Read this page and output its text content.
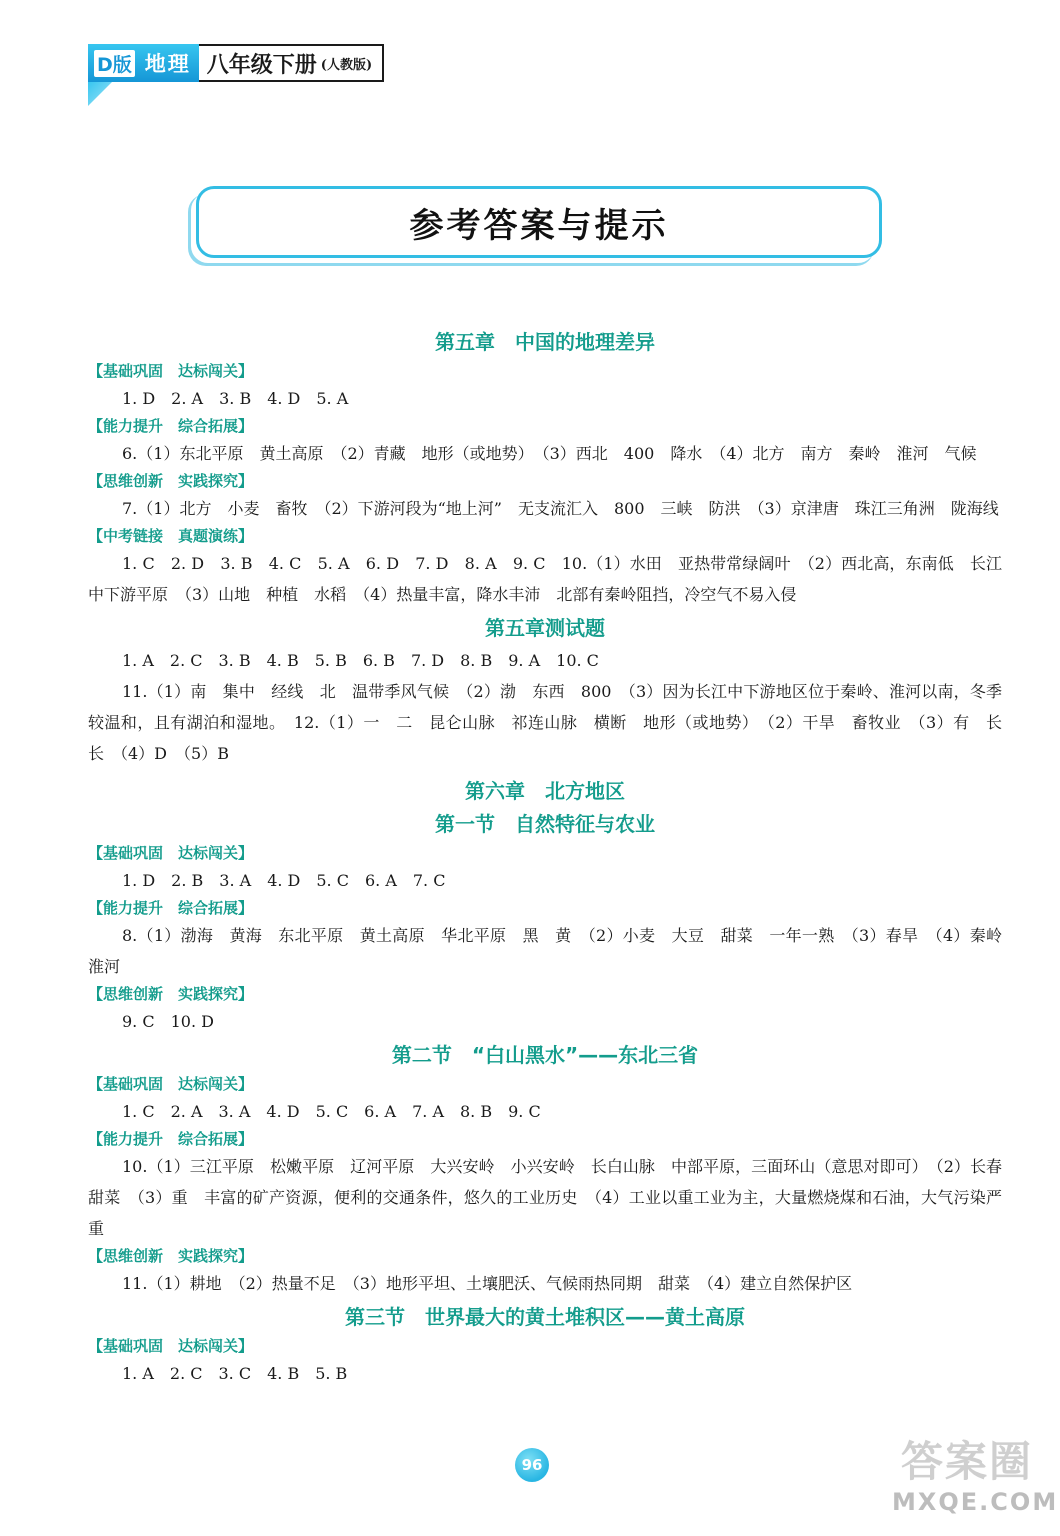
D版 地理 八年级下册 (人教版)
参考答案与提示
第五章　中国的地理差异
【基础巩固　达标闯关】

1. D　2. A　3. B　4. D　5. A

【能力提升　综合拓展】

6.（1）东北平原　黄土高原　（2）青藏　地形（或地势）　（3）西北　400　降水　（4）北方　南方　秦岭　淮河　气候

【思维创新　实践探究】

7.（1）北方　小麦　畜牧　（2）下游河段为“地上河”　无支流汇入　800　三峡　防洪　（3）京津唐　珠江三角洲　陇海线

【中考链接　真题演练】

1. C　2. D　3. B　4. C　5. A　6. D　7. D　8. A　9. C　10.（1）水田　亚热带常绿阔叶　（2）西北高，东南低　长江中下游平原　（3）山地　种植　水稻　（4）热量丰富，降水丰沛　北部有秦岭阻挡，冷空气不易入侵

第五章测试题

1. A　2. C　3. B　4. B　5. B　6. B　7. D　8. B　9. A　10. C

11.（1）南　集中　经线　北　温带季风气候　（2）渤　东西　800　（3）因为长江中下游地区位于秦岭、淮河以南，冬季较温和，且有湖泊和湿地。　12.（1）一　二　昆仑山脉　祁连山脉　横断　地形（或地势）　（2）干旱　畜牧业　（3）有　长　长　（4）D　（5）B

第六章　北方地区
第一节　自然特征与农业
【基础巩固　达标闯关】

1. D　2. B　3. A　4. D　5. C　6. A　7. C

【能力提升　综合拓展】

8.（1）渤海　黄海　东北平原　黄土高原　华北平原　黑　黄　（2）小麦　大豆　甜菜　一年一熟　（3）春旱　（4）秦岭　淮河

【思维创新　实践探究】

9. C　10. D

第二节　“白山黑水”——东北三省
【基础巩固　达标闯关】

1. C　2. A　3. A　4. D　5. C　6. A　7. A　8. B　9. C

【能力提升　综合拓展】

10.（1）三江平原　松嫩平原　辽河平原　大兴安岭　小兴安岭　长白山脉　中部平原，三面环山（意思对即可）　（2）长春　甜菜　（3）重　丰富的矿产资源，便利的交通条件，悠久的工业历史　（4）工业以重工业为主，大量燃烧煤和石油，大气污染严重

【思维创新　实践探究】

11.（1）耕地　（2）热量不足　（3）地形平坦、土壤肥沃、气候雨热同期　甜菜　（4）建立自然保护区

第三节　世界最大的黄土堆积区——黄土高原
【基础巩固　达标闯关】

1. A　2. C　3. C　4. B　5. B

96	答案圈
MXQE.COM
